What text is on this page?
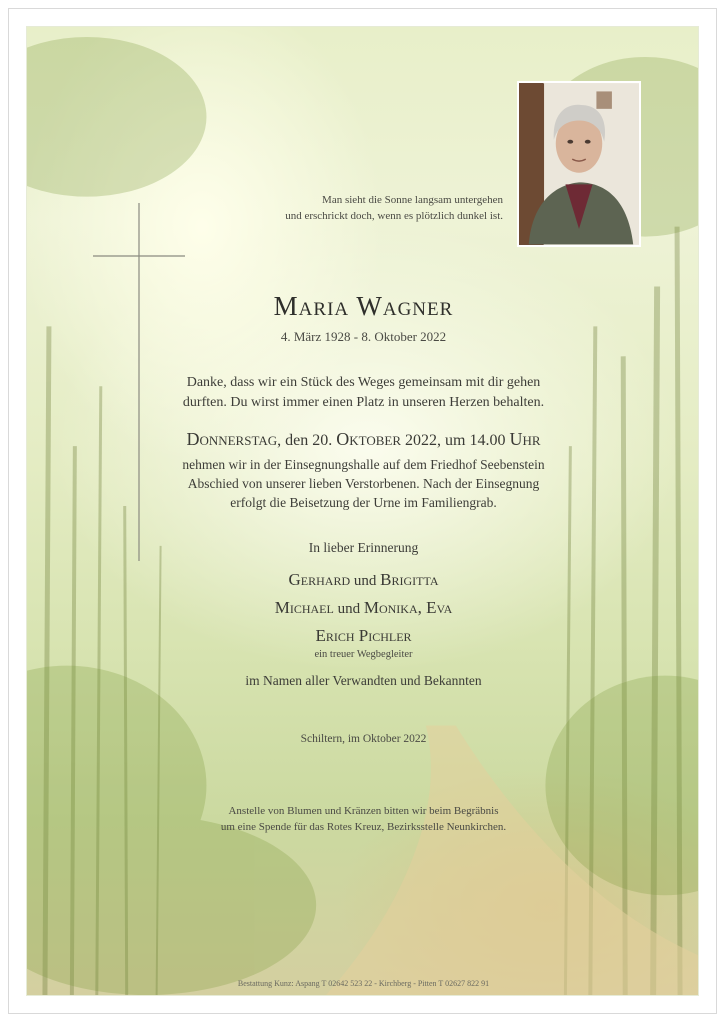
Man sieht die Sonne langsam untergehen
und erschrickt doch, wenn es plötzlich dunkel ist.
Maria Wagner
4. März 1928 - 8. Oktober 2022
Danke, dass wir ein Stück des Weges gemeinsam mit dir gehen durften. Du wirst immer einen Platz in unseren Herzen behalten.
Donnerstag, den 20. Oktober 2022, um 14.00 Uhr
nehmen wir in der Einsegnungshalle auf dem Friedhof Seebenstein Abschied von unserer lieben Verstorbenen. Nach der Einsegnung erfolgt die Beisetzung der Urne im Familiengrab.
In lieber Erinnerung
Gerhard und Brigitta
Michael und Monika, Eva
Erich Pichler
ein treuer Wegbegleiter
im Namen aller Verwandten und Bekannten
Schiltern, im Oktober 2022
Anstelle von Blumen und Kränzen bitten wir beim Begräbnis
um eine Spende für das Rotes Kreuz, Bezirksstelle Neunkirchen.
Bestattung Kunz: Aspang T 02642 523 22 - Kirchberg - Pitten T 02627 822 91
